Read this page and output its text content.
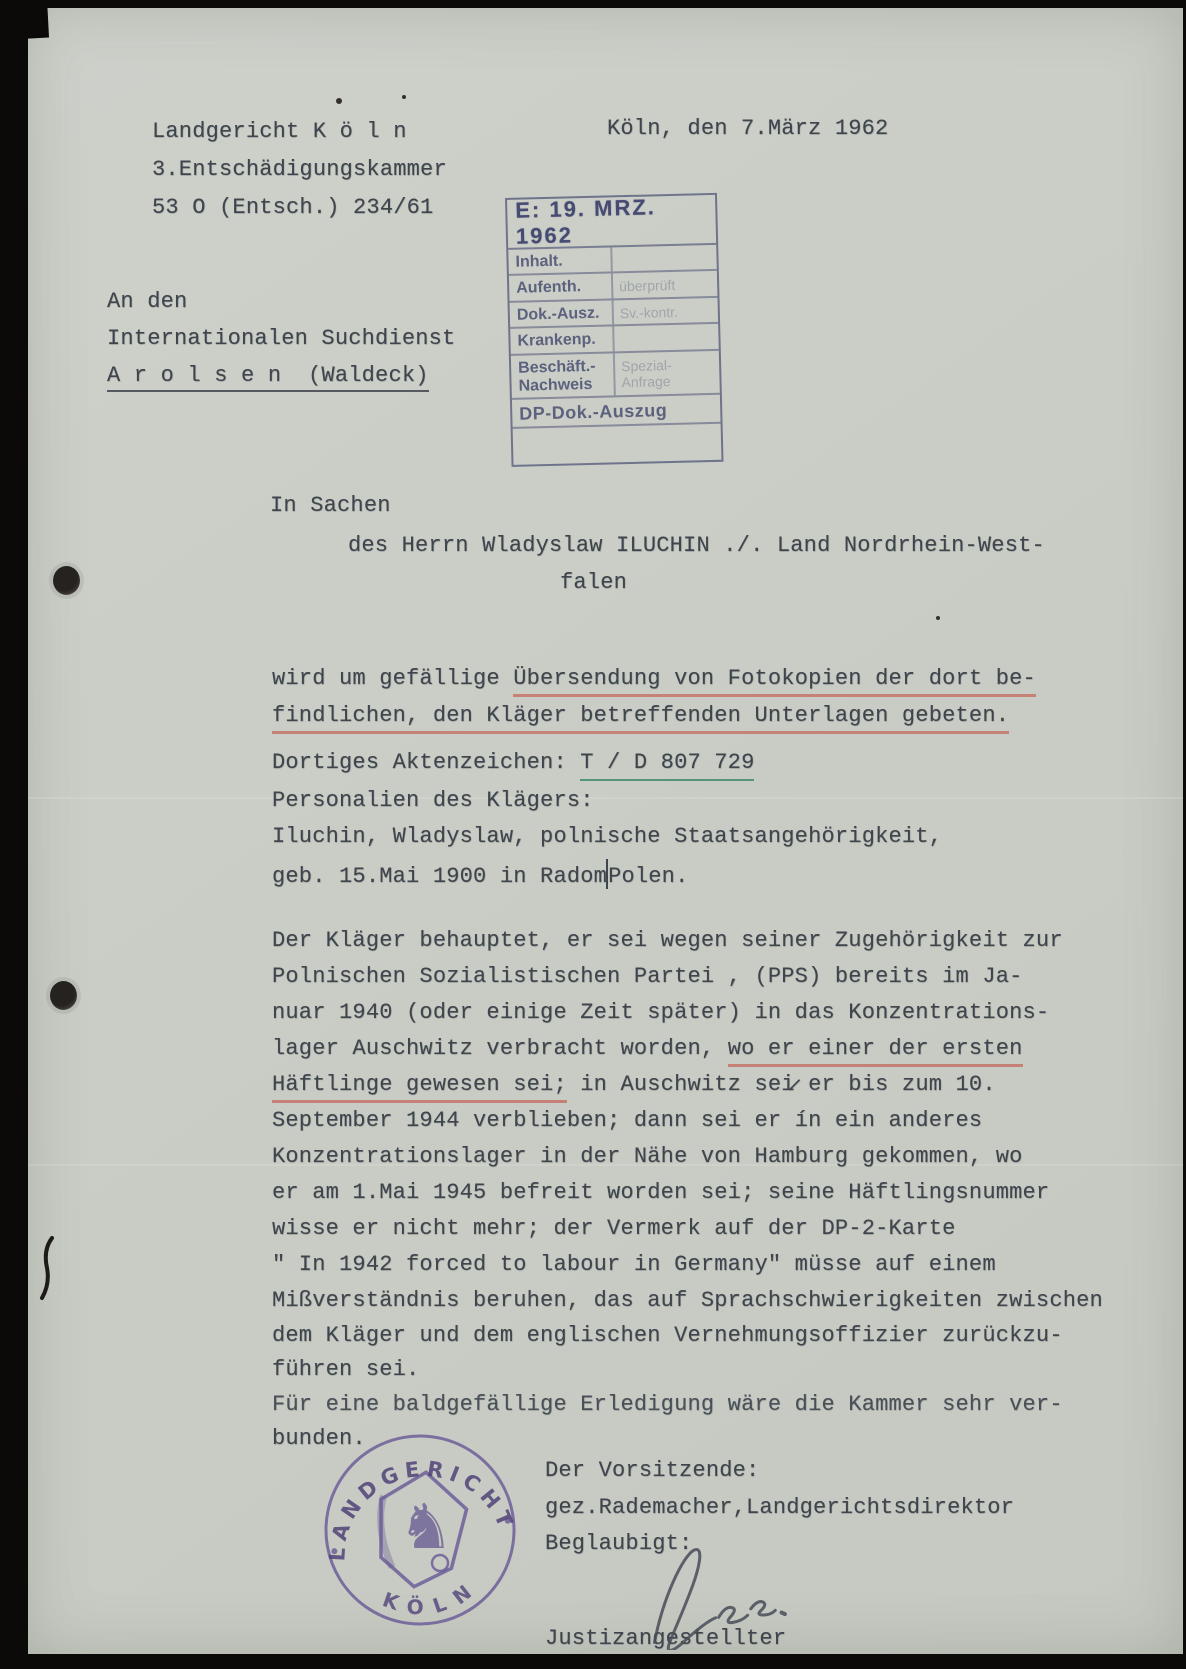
Landgericht K ö l n
3.Entschädigungskammer
53 O (Entsch.) 234/61
Köln, den 7.März 1962
E: 19. MRZ. 1962
Inhalt.
Aufenth.	überprüft
Dok.-Ausz.	Sv.-kontr.
Krankenp.
Beschäft.-
Nachweis
Spezial-
Anfrage
DP-Dok.-Auszug
An den
Internationalen Suchdienst
A r o l s e n  (Waldeck)
In Sachen
des Herrn Wladyslaw ILUCHIN ./. Land Nordrhein-West-
falen
wird um gefällige Übersendung von Fotokopien der dort be-
findlichen, den Kläger betreffenden Unterlagen gebeten.
Dortiges Aktenzeichen: T / D 807 729
Personalien des Klägers:
Iluchin, Wladyslaw, polnische Staatsangehörigkeit,
geb. 15.Mai 1900 in RadomPolen.
Der Kläger behauptet, er sei wegen seiner Zugehörigkeit zur
Polnischen Sozialistischen Partei , (PPS) bereits im Ja-
nuar 1940 (oder einige Zeit später) in das Konzentrations-
lager Auschwitz verbracht worden, wo er einer der ersten
Häftlinge gewesen sei; in Auschwitz sei̷ er bis zum 10.
September 1944 verblieben; dann sei er ín ein anderes
Konzentrationslager in der Nähe von Hamburg gekommen, wo
er am 1.Mai 1945 befreit worden sei; seine Häftlingsnummer
wisse er nicht mehr; der Vermerk auf der DP-2-Karte
" In 1942 forced to labour in Germany" müsse auf einem
Mißverständnis beruhen, das auf Sprachschwierigkeiten zwischen
dem Kläger und dem englischen Vernehmungsoffizier zurückzu-
führen sei.
Für eine baldgefällige Erledigung wäre die Kammer sehr ver-
bunden.
Der Vorsitzende:
gez.Rademacher,Landgerichtsdirektor
Beglaubigt:
Justizangestellter
LANDGERICHT
KÖLN
♞
